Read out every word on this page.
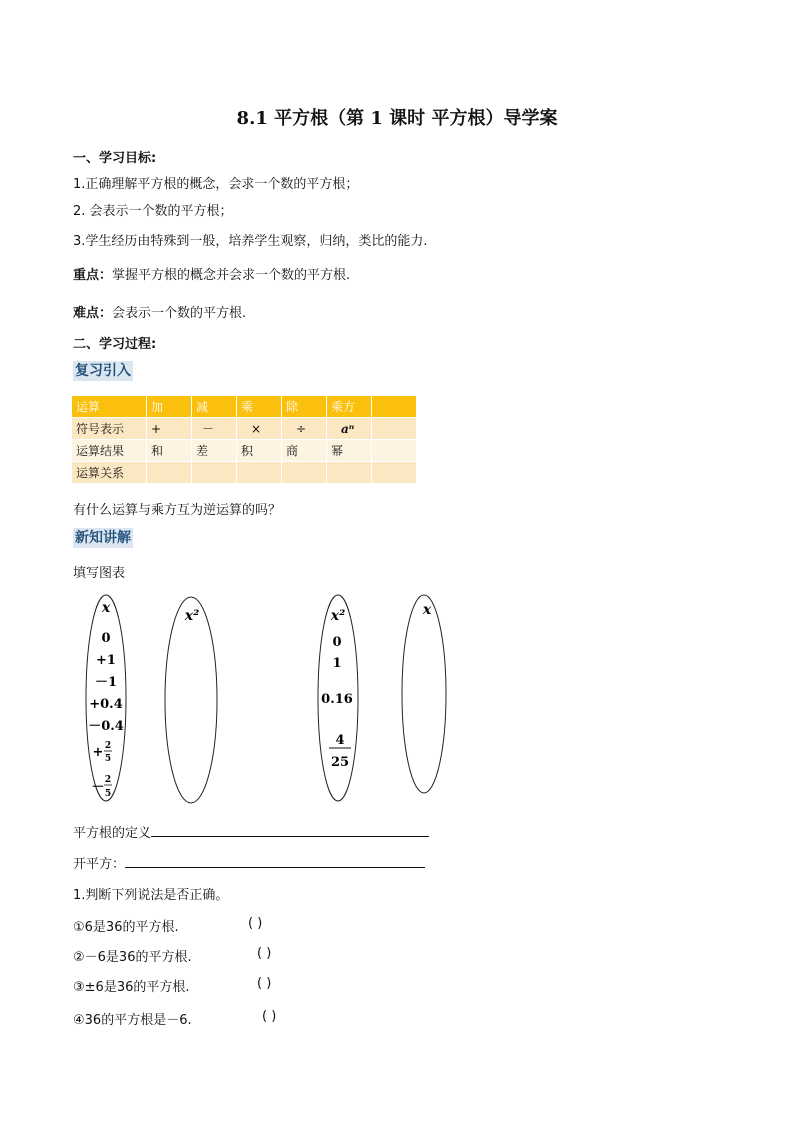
8.1 平方根（第 1 课时 平方根）导学案
一、学习目标:
1.正确理解平方根的概念，会求一个数的平方根；
2. 会表示一个数的平方根；
3.学生经历由特殊到一般，培养学生观察，归纳，类比的能力.
重点：掌握平方根的概念并会求一个数的平方根.
难点：会表示一个数的平方根.
二、学习过程:
复习引入
运算	加	减	乘	除	乘方	
符号表示	+	－	×	÷	aⁿ	
运算结果	和	差	积	商	幂	
运算关系						
有什么运算与乘方互为逆运算的吗？
新知讲解
填写图表
x
0
+1
－1
+0.4
－0.4
+ 2
5
－ 2
5
x²	x²
0
1
0.16
4
25
x
平方根的定义
开平方：
1.判断下列说法是否正确。
①6是36的平方根.	( )
②－6是36的平方根.	( )
③±6是36的平方根.	( )
④36的平方根是－6.	( )
